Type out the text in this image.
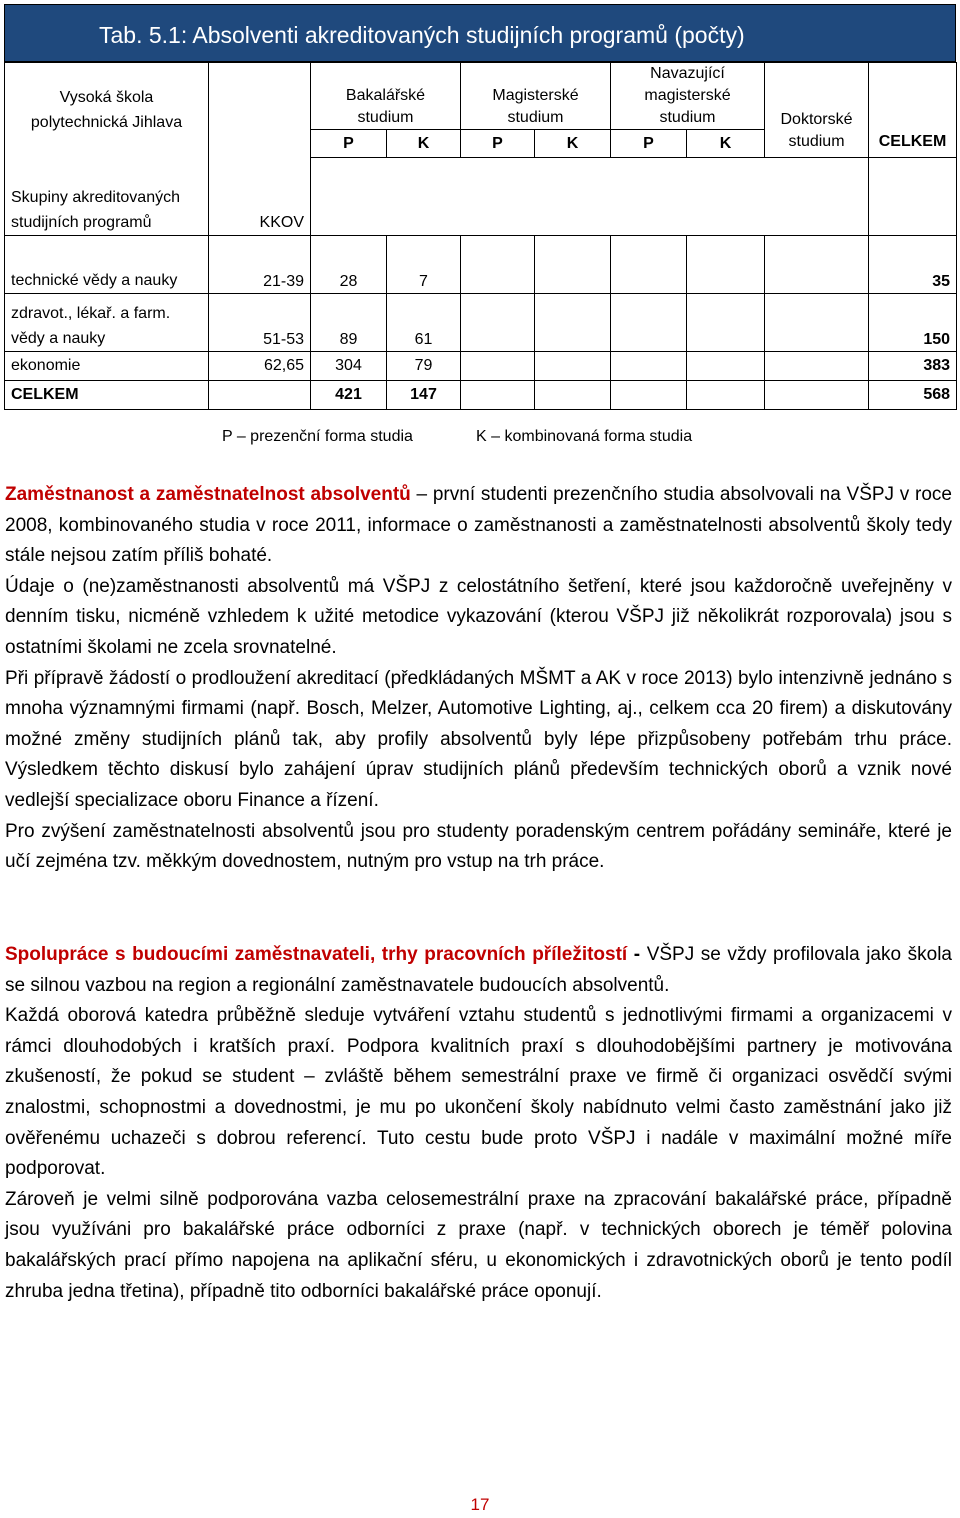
Tab. 5.1: Absolventi akreditovaných studijních programů (počty)
Vysoká škola polytechnická Jihlava		Bakalářské studium		Magisterské studium		Navazující magisterské studium		Doktorské studium	CELKEM
		P	K	P	K	P	K		
Skupiny akreditovaných studijních programů	KKOV								
technické vědy a nauky	21-39	28	7						35
zdravot., lékař. a farm. vědy a nauky	51-53	89	61						150
ekonomie	62,65	304	79						383
CELKEM		421	147						568
P – prezenční forma studia	K – kombinovaná forma studia

Zaměstnanost a zaměstnatelnost absolventů – první studenti prezenčního studia absolvovali na VŠPJ v roce 2008, kombinovaného studia v roce 2011, informace o zaměstnanosti a zaměstnatelnosti absolventů školy tedy stále nejsou zatím příliš bohaté.

Údaje o (ne)zaměstnanosti absolventů má VŠPJ z celostátního šetření, které jsou každoročně uveřejněny v denním tisku, nicméně vzhledem k užité metodice vykazování (kterou VŠPJ již několikrát rozporovala) jsou s ostatními školami ne zcela srovnatelné.

Při přípravě žádostí o prodloužení akreditací (předkládaných MŠMT a AK v roce 2013) bylo intenzivně jednáno s mnoha významnými firmami (např. Bosch, Melzer, Automotive Lighting, aj., celkem cca 20 firem) a diskutovány možné změny studijních plánů tak, aby profily absolventů byly lépe přizpůsobeny potřebám trhu práce. Výsledkem těchto diskusí bylo zahájení úprav studijních plánů především technických oborů a vznik nové vedlejší specializace oboru Finance a řízení.

Pro zvýšení zaměstnatelnosti absolventů jsou pro studenty poradenským centrem pořádány semináře, které je učí zejména tzv. měkkým dovednostem, nutným pro vstup na trh práce.

Spolupráce s budoucími zaměstnavateli, trhy pracovních příležitostí - VŠPJ se vždy profilovala jako škola se silnou vazbou na region a regionální zaměstnavatele budoucích absolventů.

Každá oborová katedra průběžně sleduje vytváření vztahu studentů s jednotlivými firmami a organizacemi v rámci dlouhodobých i kratších praxí. Podpora kvalitních praxí s dlouhodobějšími partnery je motivována zkušeností, že pokud se student – zvláště během semestrální praxe ve firmě či organizaci osvědčí svými znalostmi, schopnostmi a dovednostmi, je mu po ukončení školy nabídnuto velmi často zaměstnání jako již ověřenému uchazeči s dobrou referencí. Tuto cestu bude proto VŠPJ i nadále v maximální možné míře podporovat.

Zároveň je velmi silně podporována vazba celosemestrální praxe na zpracování bakalářské práce, případně jsou využíváni pro bakalářské práce odborníci z praxe (např. v technických oborech je téměř polovina bakalářských prací přímo napojena na aplikační sféru, u ekonomických i zdravotnických oborů je tento podíl zhruba jedna třetina), případně tito odborníci bakalářské práce oponují.

17
